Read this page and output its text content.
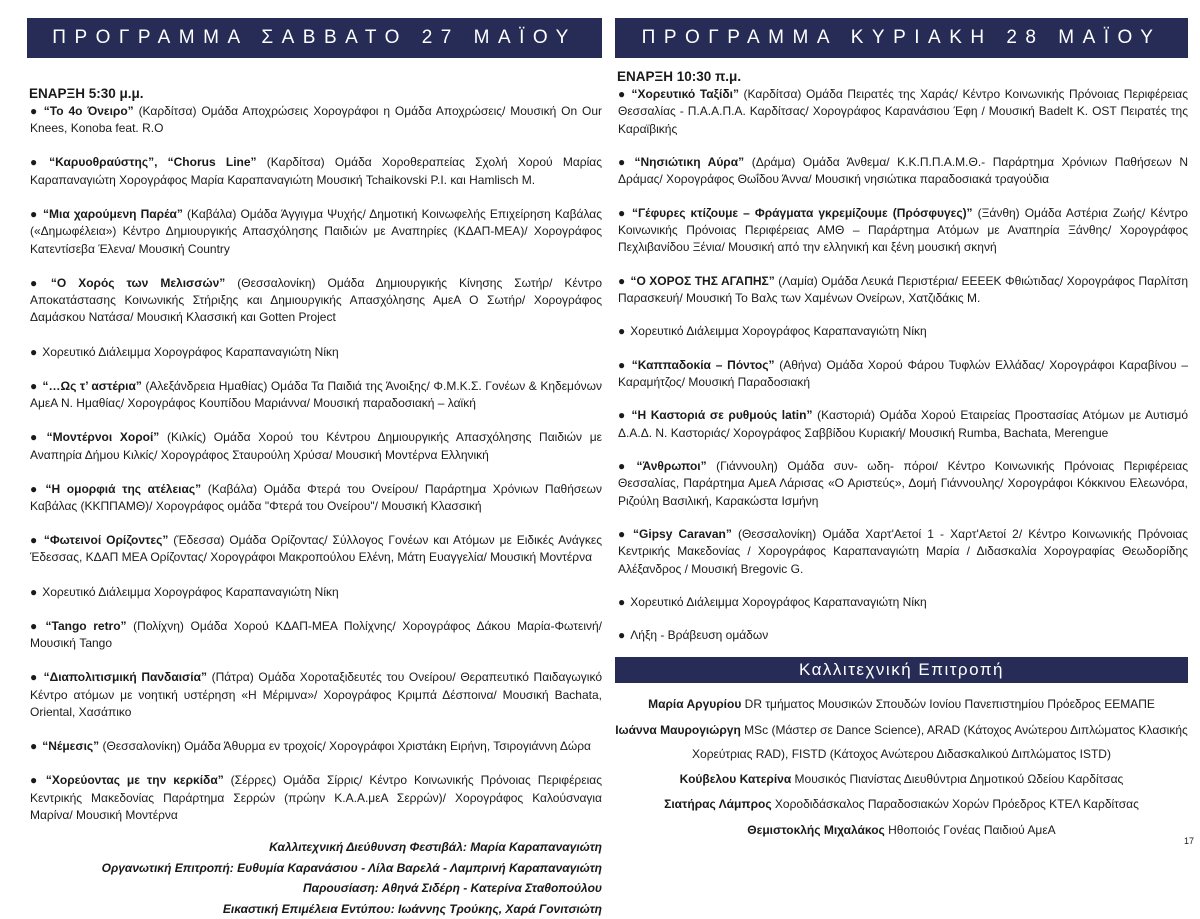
ΠΡΟΓΡΑΜΜΑ ΣΑΒΒΑΤΟ 27 ΜΑΪΟΥ
ΕΝΑΡΞΗ 5:30 μ.μ.
● “Το 4ο Όνειρο” (Καρδίτσα) Ομάδα Αποχρώσεις Χορογράφοι η Ομάδα Αποχρώσεις/ Μουσική On Our Knees, Konoba feat. R.O
● “Καρυοθραύστης”, “Chorus Line” (Καρδίτσα) Ομάδα Χοροθεραπείας Σχολή Χορού Μαρίας Καραπαναγιώτη Χορογράφος Μαρία Καραπαναγιώτη Μουσική Tchaikovski P.I. και Hamlisch M.
● “Μια χαρούμενη Παρέα” (Καβάλα) Ομάδα Άγγιγμα Ψυχής/ Δημοτική Κοινωφελής Επιχείρηση Καβάλας («Δημωφέλεια») Κέντρο Δημιουργικής Απασχόλησης Παιδιών με Αναπηρίες (ΚΔΑΠ-ΜΕΑ)/ Χορογράφος Κατεντίσεβα Έλενα/ Μουσική Country
● “Ο Χορός των Μελισσών” (Θεσσαλονίκη) Ομάδα Δημιουργικής Κίνησης Σωτήρ/ Κέντρο Αποκατάστασης Κοινωνικής Στήριξης και Δημιουργικής Απασχόλησης ΑμεΑ Ο Σωτήρ/ Χορογράφος Δαμάσκου Νατάσα/ Μουσική Κλασσική και Gotten Project
● Χορευτικό Διάλειμμα Χορογράφος Καραπαναγιώτη Νίκη
● “…Ως τ’ αστέρια” (Αλεξάνδρεια Ημαθίας) Ομάδα Τα Παιδιά της Άνοιξης/ Φ.Μ.Κ.Σ. Γονέων & Κηδεμόνων ΑμεΑ Ν. Ημαθίας/ Χορογράφος Κουπίδου Μαριάννα/ Μουσική παραδοσιακή – λαϊκή
● “Μοντέρνοι Χοροί” (Κιλκίς) Ομάδα Χορού του Κέντρου Δημιουργικής Απασχόλησης Παιδιών με Αναπηρία Δήμου Κιλκίς/ Χορογράφος Σταυρούλη Χρύσα/ Μουσική Μοντέρνα Ελληνική
● “Η ομορφιά της ατέλειας” (Καβάλα) Ομάδα Φτερά του Ονείρου/ Παράρτημα Χρόνιων Παθήσεων Καβάλας (ΚΚΠΠΑΜΘ)/ Χορογράφος ομάδα "Φτερά του Ονείρου"/ Μουσική Κλασσική
● “Φωτεινοί Ορίζοντες” (Έδεσσα) Ομάδα Ορίζοντας/ Σύλλογος Γονέων και Ατόμων με Ειδικές Ανάγκες Έδεσσας, ΚΔΑΠ ΜΕΑ Ορίζοντας/ Χορογράφοι Μακροπούλου Ελένη, Μάτη Ευαγγελία/ Μουσική Μοντέρνα
● Χορευτικό Διάλειμμα Χορογράφος Καραπαναγιώτη Νίκη
● “Tango retro” (Πολίχνη) Ομάδα Χορού ΚΔΑΠ-ΜΕΑ Πολίχνης/ Χορογράφος Δάκου Μαρία-Φωτεινή/ Μουσική Tango
● “Διαπολιτισμική Πανδαισία” (Πάτρα) Ομάδα Χοροταξιδευτές του Ονείρου/ Θεραπευτικό Παιδαγωγικό Κέντρο ατόμων με νοητική υστέρηση «Η Μέριμνα»/ Χορογράφος Κριμπά Δέσποινα/ Μουσική Bachata, Oriental, Χασάπικο
● “Νέμεσις” (Θεσσαλονίκη) Ομάδα Άθυρμα εν τροχοίς/ Χορογράφοι Χριστάκη Ειρήνη, Τσιρογιάννη Δώρα
● “Χορεύοντας με την κερκίδα” (Σέρρες) Ομάδα Σίρρις/ Κέντρο Κοινωνικής Πρόνοιας Περιφέρειας Κεντρικής Μακεδονίας Παράρτημα Σερρών (πρώην Κ.Α.Α.μεΑ Σερρών)/ Χορογράφος Καλούσναγια Μαρίνα/ Μουσική Μοντέρνα
Καλλιτεχνική Διεύθυνση Φεστιβάλ: Μαρία Καραπαναγιώτη
Οργανωτική Επιτροπή: Ευθυμία Καρανάσιου - Λίλα Βαρελά - Λαμπρινή Καραπαναγιώτη
Παρουσίαση: Αθηνά Σιδέρη - Κατερίνα Σταθοπούλου
Εικαστική Επιμέλεια Εντύπου: Ιωάννης Τρούκης, Χαρά Γονιτσιώτη
ΠΡΟΓΡΑΜΜΑ ΚΥΡΙΑΚΗ 28 ΜΑΪΟΥ
ΕΝΑΡΞΗ 10:30 π.μ.
● “Χορευτικό Ταξίδι” (Καρδίτσα) Ομάδα Πειρατές της Χαράς/ Κέντρο Κοινωνικής Πρόνοιας Περιφέρειας Θεσσαλίας - Π.Α.Α.Π.Α. Καρδίτσας/ Χορογράφος Καρανάσιου Έφη / Μουσική Badelt K. OST Πειρατές της Καραϊβικής
● “Νησιώτικη Αύρα” (Δράμα) Ομάδα Άνθεμα/ Κ.Κ.Π.Π.Α.Μ.Θ.- Παράρτημα Χρόνιων Παθήσεων Ν Δράμας/ Χορογράφος Θωΐδου Άννα/ Μουσική νησιώτικα παραδοσιακά τραγούδια
● “Γέφυρες κτίζουμε – Φράγματα γκρεμίζουμε (Πρόσφυγες)” (Ξάνθη) Ομάδα Αστέρια Ζωής/ Κέντρο Κοινωνικής Πρόνοιας Περιφέρειας ΑΜΘ – Παράρτημα Ατόμων με Αναπηρία Ξάνθης/ Χορογράφος Πεχλιβανίδου Ξένια/ Μουσική από την ελληνική και ξένη μουσική σκηνή
● “Ο ΧΟΡΟΣ ΤΗΣ ΑΓΑΠΗΣ” (Λαμία) Ομάδα Λευκά Περιστέρια/ ΕΕΕΕΚ Φθιώτιδας/ Χορογράφος Παρλίτση Παρασκευή/ Μουσική Το Βαλς των Χαμένων Ονείρων, Χατζιδάκις Μ.
● Χορευτικό Διάλειμμα Χορογράφος Καραπαναγιώτη Νίκη
● “Καππαδοκία – Πόντος” (Αθήνα) Ομάδα Χορού Φάρου Τυφλών Ελλάδας/ Χορογράφοι Καραβίνου – Καραμήτζος/ Μουσική Παραδοσιακή
● “Η Καστοριά σε ρυθμούς latin” (Καστοριά) Ομάδα Χορού Εταιρείας Προστασίας Ατόμων με Αυτισμό Δ.Α.Δ. Ν. Καστοριάς/ Χορογράφος Σαββίδου Κυριακή/ Μουσική Rumba, Bachata, Merengue
● “Άνθρωποι” (Γιάννουλη) Ομάδα συν- ωδη- πόροι/ Κέντρο Κοινωνικής Πρόνοιας Περιφέρειας Θεσσαλίας, Παράρτημα ΑμεΑ Λάρισας «Ο Αριστεύς», Δομή Γιάννουλης/ Χορογράφοι Κόκκινου Ελεωνόρα, Ριζούλη Βασιλική, Καρακώστα Ισμήνη
● “Gipsy Caravan” (Θεσσαλονίκη) Ομάδα Χαρτ'Αετοί 1 - Χαρτ'Αετοί 2/ Κέντρο Κοινωνικής Πρόνοιας Κεντρικής Μακεδονίας / Χορογράφος Καραπαναγιώτη Μαρία / Διδασκαλία Χορογραφίας Θεωδορίδης Αλέξανδρος / Μουσική Bregovic G.
● Χορευτικό Διάλειμμα Χορογράφος Καραπαναγιώτη Νίκη
● Λήξη - Βράβευση ομάδων
Καλλιτεχνική Επιτροπή
Μαρία Αργυρίου DR τμήματος Μουσικών Σπουδών Ιονίου Πανεπιστημίου Πρόεδρος ΕΕΜΑΠΕ
Ιωάννα Μαυρογιώργη MSc (Μάστερ σε Dance Science), ARAD (Κάτοχος Ανώτερου Διπλώματος Κλασικής Χορεύτριας RAD), FISTD (Κάτοχος Ανώτερου Διδασκαλικού Διπλώματος ISTD)
Κούβελου Κατερίνα Μουσικός Πιανίστας Διευθύντρια Δημοτικού Ωδείου Καρδίτσας
Σιατήρας Λάμπρος Χοροδιδάσκαλος Παραδοσιακών Χορών Πρόεδρος ΚΤΕΛ Καρδίτσας
Θεμιστοκλής Μιχαλάκος Ηθοποιός Γονέας Παιδιού ΑμεΑ
17
